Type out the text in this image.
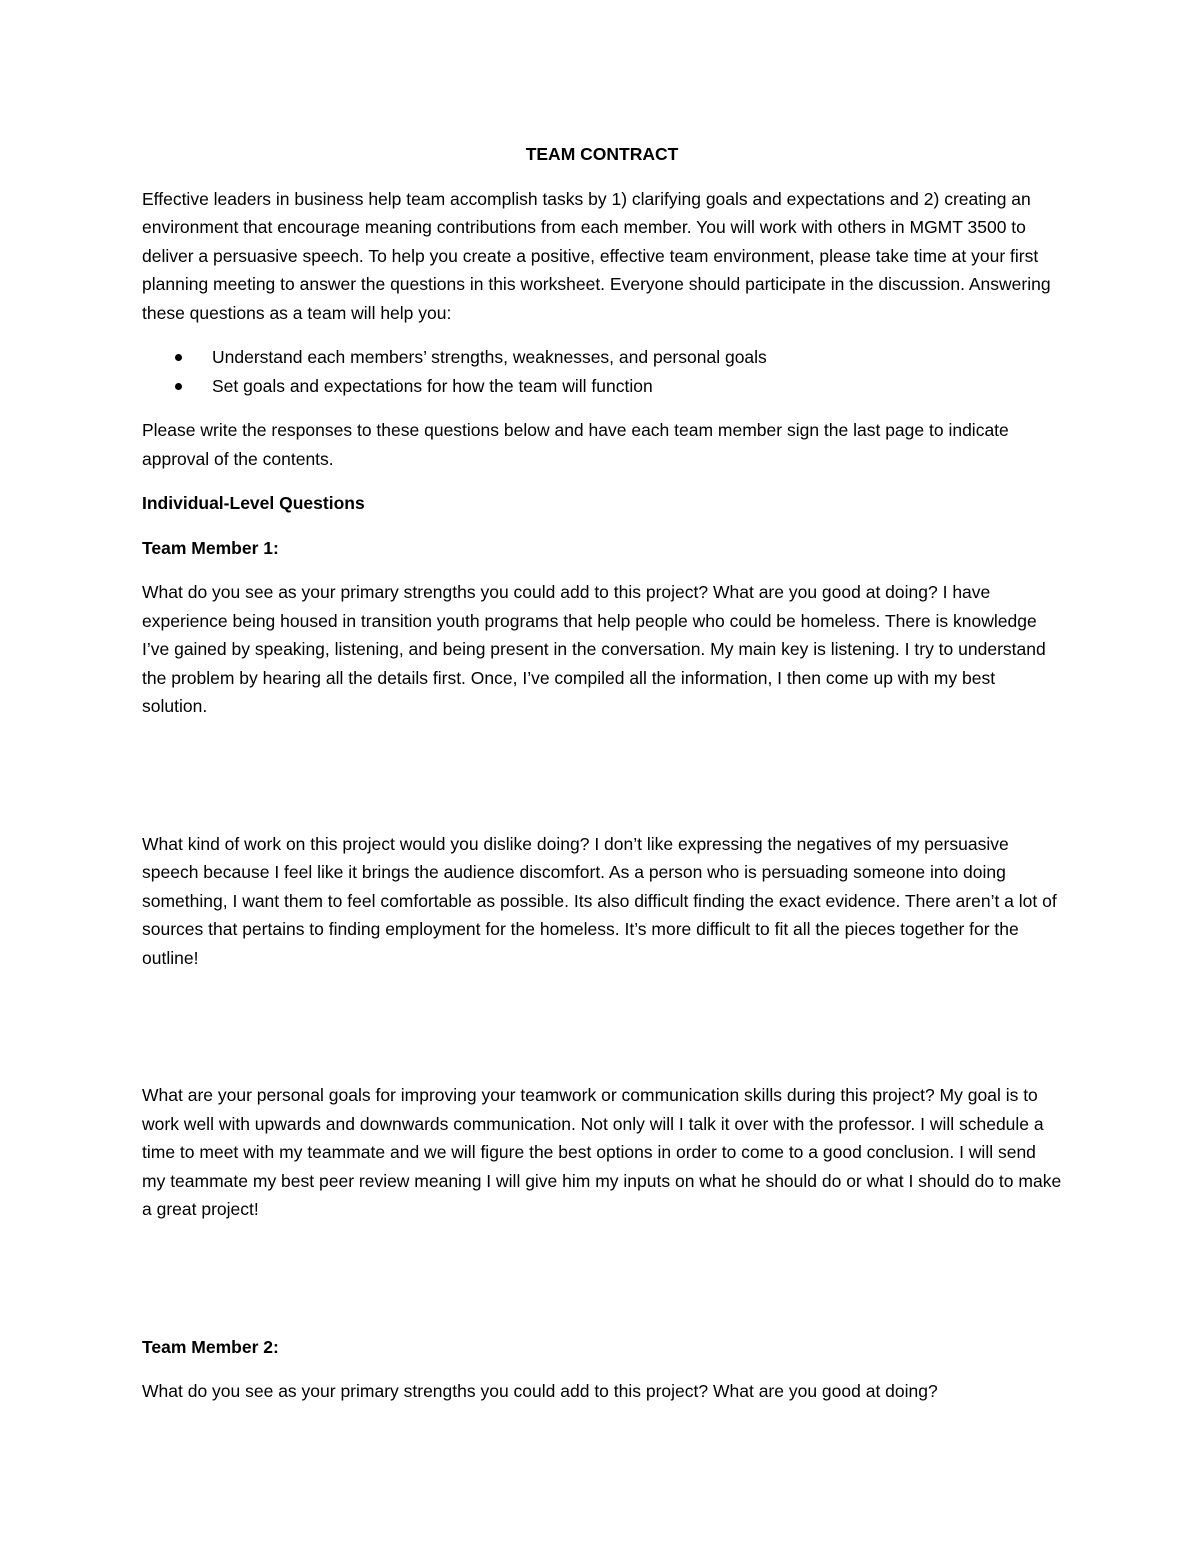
TEAM CONTRACT

Effective leaders in business help team accomplish tasks by 1) clarifying goals and expectations and 2) creating an environment that encourage meaning contributions from each member. You will work with others in MGMT 3500 to deliver a persuasive speech. To help you create a positive, effective team environment, please take time at your first planning meeting to answer the questions in this worksheet. Everyone should participate in the discussion. Answering these questions as a team will help you:

Understand each members’ strengths, weaknesses, and personal goals
Set goals and expectations for how the team will function

Please write the responses to these questions below and have each team member sign the last page to indicate approval of the contents.

Individual-Level Questions

Team Member 1:

What do you see as your primary strengths you could add to this project? What are you good at doing? I have experience being housed in transition youth programs that help people who could be homeless. There is knowledge I’ve gained by speaking, listening, and being present in the conversation. My main key is listening. I try to understand the problem by hearing all the details first. Once, I’ve compiled all the information, I then come up with my best solution.

What kind of work on this project would you dislike doing? I don’t like expressing the negatives of my persuasive speech because I feel like it brings the audience discomfort. As a person who is persuading someone into doing something, I want them to feel comfortable as possible. Its also difficult finding the exact evidence. There aren’t a lot of sources that pertains to finding employment for the homeless. It’s more difficult to fit all the pieces together for the outline!

What are your personal goals for improving your teamwork or communication skills during this project? My goal is to work well with upwards and downwards communication. Not only will I talk it over with the professor. I will schedule a time to meet with my teammate and we will figure the best options in order to come to a good conclusion. I will send my teammate my best peer review meaning I will give him my inputs on what he should do or what I should do to make a great project!

Team Member 2:

What do you see as your primary strengths you could add to this project? What are you good at doing?
